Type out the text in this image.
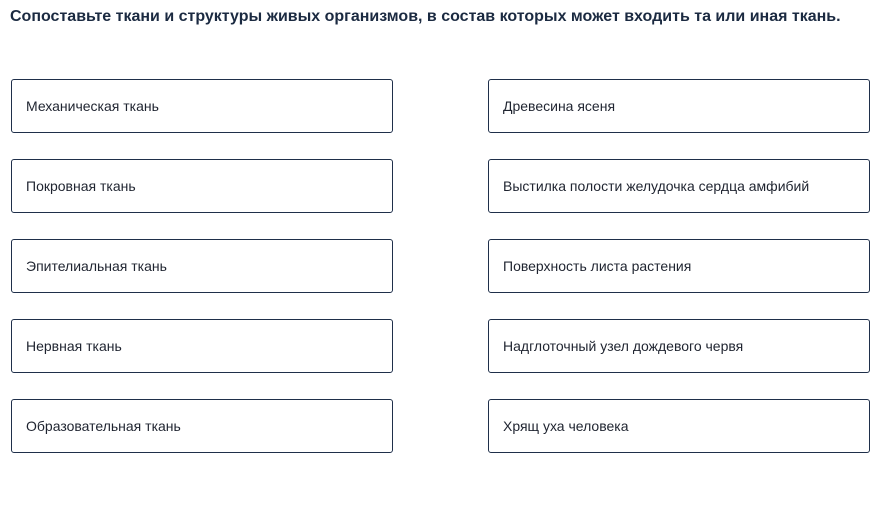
Сопоставьте ткани и структуры живых организмов, в состав которых может входить та или иная ткань.
Механическая ткань
Покровная ткань
Эпителиальная ткань
Нервная ткань
Образовательная ткань
Древесина ясеня
Выстилка полости желудочка сердца амфибий
Поверхность листа растения
Надглоточный узел дождевого червя
Хрящ уха человека
